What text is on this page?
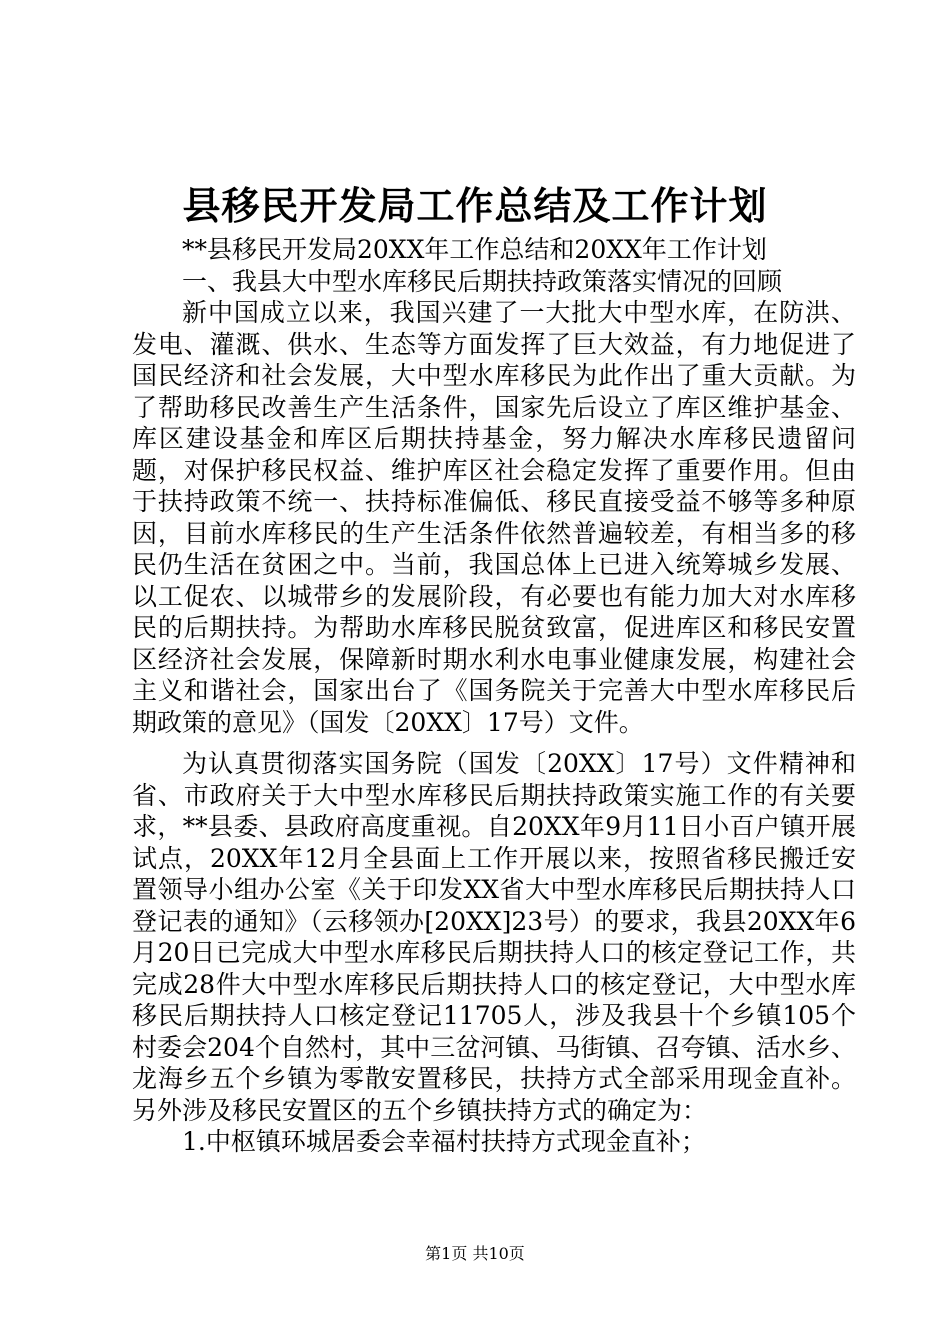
县移民开发局工作总结及工作计划

**县移民开发局20XX年工作总结和20XX年工作计划

一、我县大中型水库移民后期扶持政策落实情况的回顾

新中国成立以来，我国兴建了一大批大中型水库，在防洪、发电、灌溉、供水、生态等方面发挥了巨大效益，有力地促进了国民经济和社会发展，大中型水库移民为此作出了重大贡献。为了帮助移民改善生产生活条件，国家先后设立了库区维护基金、库区建设基金和库区后期扶持基金，努力解决水库移民遗留问题，对保护移民权益、维护库区社会稳定发挥了重要作用。但由于扶持政策不统一、扶持标准偏低、移民直接受益不够等多种原因，目前水库移民的生产生活条件依然普遍较差，有相当多的移民仍生活在贫困之中。当前，我国总体上已进入统筹城乡发展、以工促农、以城带乡的发展阶段，有必要也有能力加大对水库移民的后期扶持。为帮助水库移民脱贫致富，促进库区和移民安置区经济社会发展，保障新时期水利水电事业健康发展，构建社会主义和谐社会，国家出台了《国务院关于完善大中型水库移民后期政策的意见》（国发〔20XX〕17号）文件。

为认真贯彻落实国务院（国发〔20XX〕17号）文件精神和省、市政府关于大中型水库移民后期扶持政策实施工作的有关要求，**县委、县政府高度重视。自20XX年9月11日小百户镇开展试点，20XX年12月全县面上工作开展以来，按照省移民搬迁安置领导小组办公室《关于印发XX省大中型水库移民后期扶持人口登记表的通知》（云移领办[20XX]23号）的要求，我县20XX年6月20日已完成大中型水库移民后期扶持人口的核定登记工作，共完成28件大中型水库移民后期扶持人口的核定登记，大中型水库移民后期扶持人口核定登记11705人，涉及我县十个乡镇105个村委会204个自然村，其中三岔河镇、马街镇、召夸镇、活水乡、龙海乡五个乡镇为零散安置移民，扶持方式全部采用现金直补。另外涉及移民安置区的五个乡镇扶持方式的确定为：

1.中枢镇环城居委会幸福村扶持方式现金直补；

第1页 共10页
